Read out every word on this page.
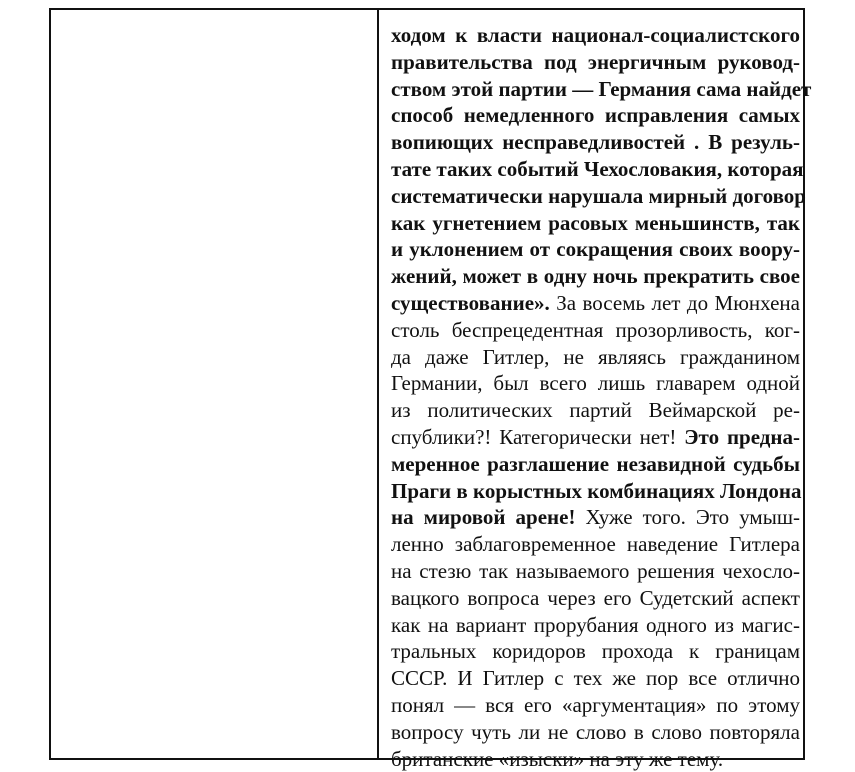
ходом к власти национал-социалистского
правительства под энергичным руковод-
ством этой партии — Германия сама найдет
способ немедленного исправления самых
вопиющих несправедливостей . В резуль-
тате таких событий Чехословакия, которая
систематически нарушала мирный договор
как угнетением расовых меньшинств, так
и уклонением от сокращения своих воору-
жений, может в одну ночь прекратить свое
существование». За восемь лет до Мюнхена
столь беспрецедентная прозорливость, ког-
да даже Гитлер, не являясь гражданином
Германии, был всего лишь главарем одной
из политических партий Веймарской ре-
спублики?! Категорически нет! Это предна-
меренное разглашение незавидной судьбы
Праги в корыстных комбинациях Лондона
на мировой арене! Хуже того. Это умыш-
ленно заблаговременное наведение Гитлера
на стезю так называемого решения чехосло-
вацкого вопроса через его Судетский аспект
как на вариант прорубания одного из магис-
тральных коридоров прохода к границам
СССР. И Гитлер с тех же пор все отлично
понял — вся его «аргументация» по этому
вопросу чуть ли не слово в слово повторяла
британские «изыски» на эту же тему.
